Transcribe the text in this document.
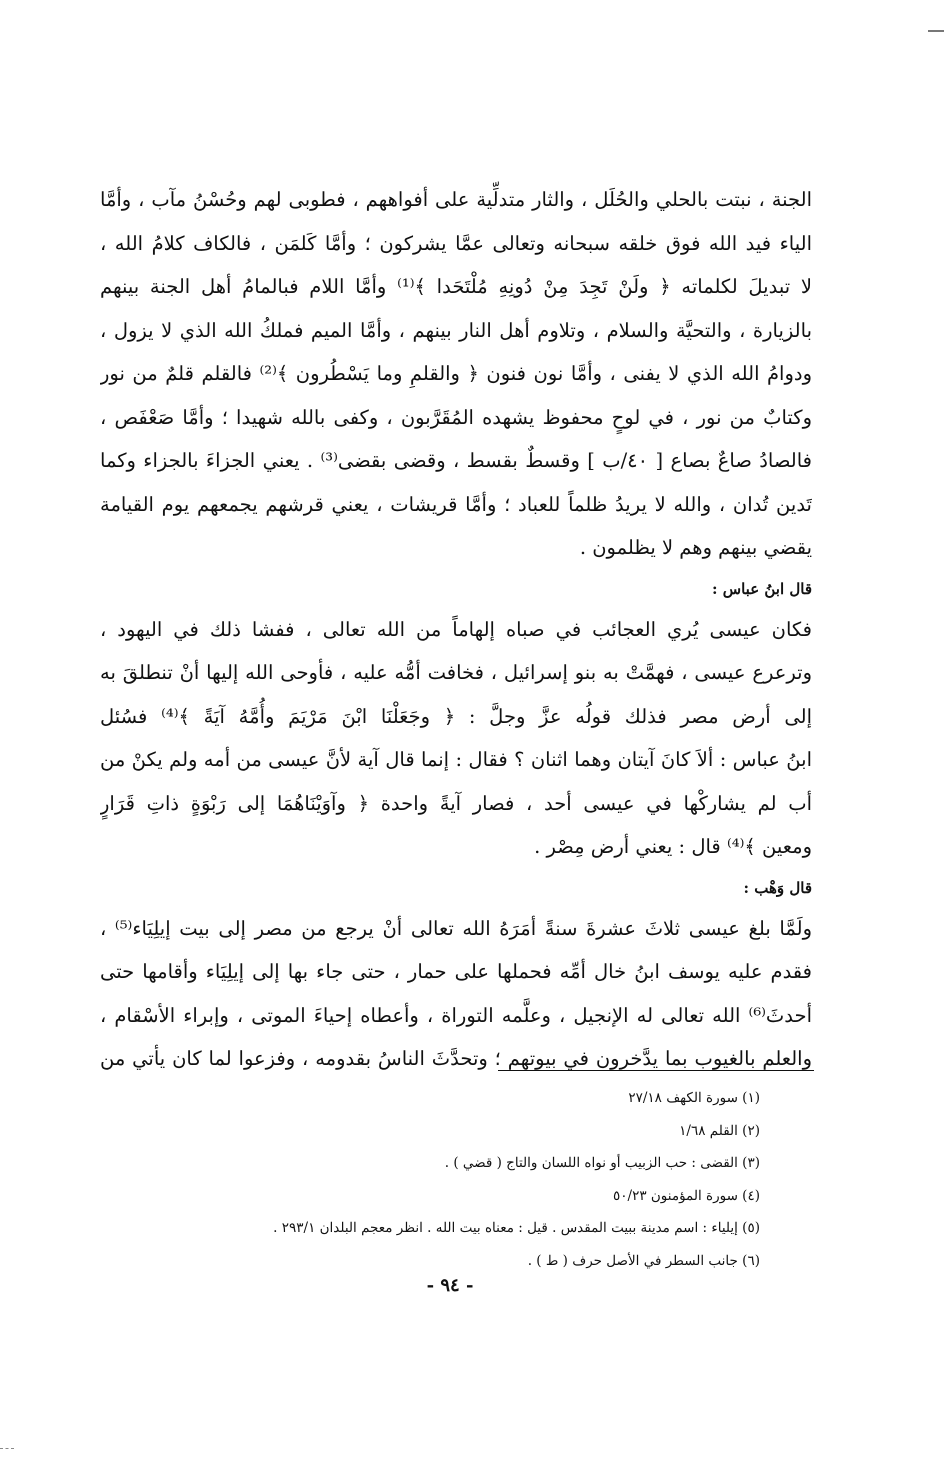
الجنة ، نبتت بالحلي والحُلَل ، والثار متدلِّية على أفواههم ، فطوبى لهم وحُسْنُ مآب ، وأمَّا
الياء فيد الله فوق خلقه سبحانه وتعالى عمَّا يشركون ؛ وأمَّا كَلمَن ، فالكاف كلامُ الله ،
لا تبديلَ لكلماته ﴿ ولَنْ تَجِدَ مِنْ دُونِهِ مُلْتَحَدا ﴾⁽¹⁾ وأمَّا اللام فبالمامُ أهل الجنة بينهم
بالزيارة ، والتحيَّة والسلام ، وتلاوم أهل النار بينهم ، وأمَّا الميم فملكُ الله الذي لا يزول ،
ودوامُ الله الذي لا يفنى ، وأمَّا نون فنون ﴿ والقلمِ وما يَسْطُرون ﴾⁽²⁾ فالقلم قلمٌ من نور
وكتابٌ من نور ، في لوحٍ محفوظ يشهده المُقَرَّبون ، وكفى بالله شهيدا ؛ وأمَّا صَعْفَص ،
فالصادُ صاعٌ بصاع [ ٤٠/ب ] وقسطٌ بقسط ، وقضى بقضى⁽³⁾ . يعني الجزاءَ بالجزاء وكما
تَدين تُدان ، والله لا يريدُ ظلماً للعباد ؛ وأمَّا قريشات ، يعني قرشهم يجمعهم يوم القيامة
يقضي بينهم وهم لا يظلمون .
قال ابنُ عباس :
فكان عيسى يُري العجائب في صباه إلهاماً من الله تعالى ، ففشا ذلك في اليهود ،
وترعرع عيسى ، فهمَّتْ به بنو إسرائيل ، فخافت أمُّه عليه ، فأوحى الله إليها أنْ تنطلقَ به
إلى أرض مصر فذلك قولُه عزَّ وجلَّ : ﴿ وجَعَلْنَا ابْنَ مَرْيَمَ وأُمَّهُ آيَةً ﴾⁽⁴⁾ فسُئل
ابنُ عباس : ألاَ كانَ آيتان وهما اثنان ؟ فقال : إنما قال آية لأنَّ عيسى من أمه ولم يكنْ من
أب لم يشاركْها في عيسى أحد ، فصار آيةً واحدة ﴿ وآوَيْنَاهُمَا إلى رَبْوَةٍ ذاتِ قَرَارٍ
ومعين ﴾⁽⁴⁾ قال : يعني أرض مِصْر .
قال وَهْب :
ولَمَّا بلغ عيسى ثلاثَ عشرةَ سنةً أمَرَهُ الله تعالى أنْ يرجع من مصر إلى بيت إيلِيَاء⁽⁵⁾ ،
فقدم عليه يوسف ابنُ خال أمِّه فحملها على حمار ، حتى جاء بها إلى إيلِيَاء وأقامها حتى
أحدثَ⁽⁶⁾ الله تعالى له الإنجيل ، وعلَّمه التوراة ، وأعطاه إحياءَ الموتى ، وإبراء الأسْقام ،
والعلم بالغيوب بما يدَّخرون في بيوتهم ؛ وتحدَّثَ الناسُ بقدومه ، وفزعوا لما كان يأتي من
(١) سورة الكهف ٢٧/١٨
(٢) القلم ١/٦٨
(٣) القضى : حب الزبيب أو نواه اللسان والتاج ( قضي ) .
(٤) سورة المؤمنون ٥٠/٢٣
(٥) إيلياء : اسم مدينة ببيت المقدس . قيل : معناه بيت الله . انظر معجم البلدان ٢٩٣/١ .
(٦) جانب السطر في الأصل حرف ( ط ) .
- ٩٤ -
